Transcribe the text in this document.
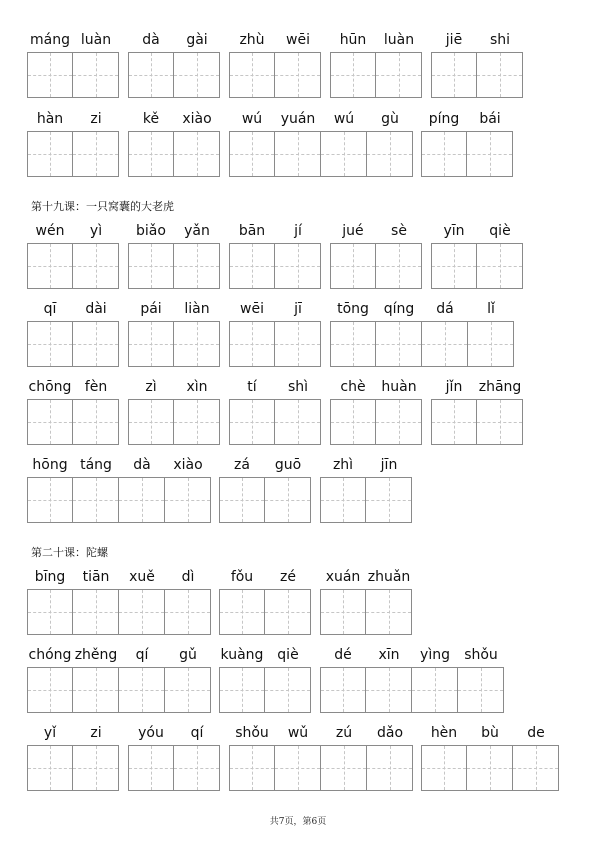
第十九课：一只窝囊的大老虎
第二十课：陀螺
máng luàn	dà	gài	zhù	wēi	hūn	luàn	jiē	shi
hàn	zi	kě	xiào	wú	yuán	wú	gù	píng	bái
wén	yì	biǎo	yǎn	bān	jí	jué	sè	yīn	qiè
qī	dài	pái	liàn	wēi	jī	tōng	qíng	dá	lǐ
chōng fèn	zì	xìn	tí	shì	chè	huàn	jǐn	zhāng
hōng táng	dà	xiào	zá	guō	zhì	jīn
bīng	tiān	xuě	dì	fǒu	zé	xuán zhuǎn
chóng zhěng	qí	gǔ	kuàng qiè	dé	xīn	yìng	shǒu
yǐ	zi	yóu	qí	shǒu	wǔ	zú	dǎo	hèn	bù	de
共7页，第6页
